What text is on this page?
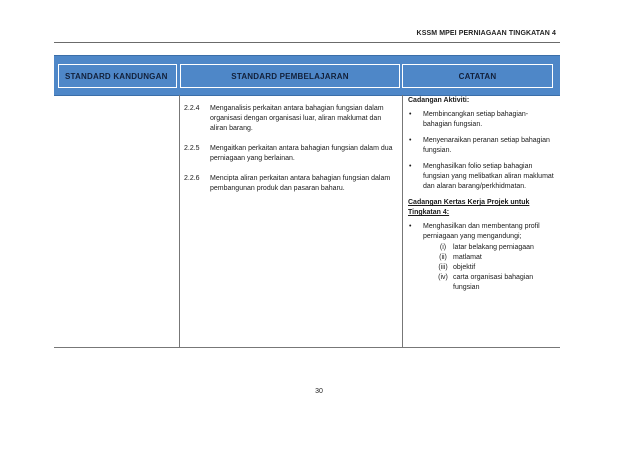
KSSM MPEI PERNIAGAAN TINGKATAN 4
STANDARD KANDUNGAN	STANDARD PEMBELAJARAN	CATATAN
2.2.4	Menganalisis perkaitan antara bahagian fungsian dalam organisasi dengan organisasi luar, aliran maklumat dan aliran barang.
2.2.5	Mengaitkan perkaitan antara bahagian fungsian dalam dua perniagaan yang berlainan.
2.2.6	Mencipta aliran perkaitan antara bahagian fungsian dalam pembangunan produk dan pasaran baharu.
Cadangan Aktiviti:
• Membincangkan setiap bahagian-bahagian fungsian.
• Menyenaraikan peranan setiap bahagian fungsian.
• Menghasilkan folio setiap bahagian fungsian yang melibatkan aliran maklumat dan alaran barang/perkhidmatan.
Cadangan Kertas Kerja Projek untuk Tingkatan 4:
• Menghasilkan dan membentang profil perniagaan yang mengandungi;
(i) latar belakang perniagaan
(ii) matlamat
(iii) objektif
(iv) carta organisasi bahagian fungsian
30
